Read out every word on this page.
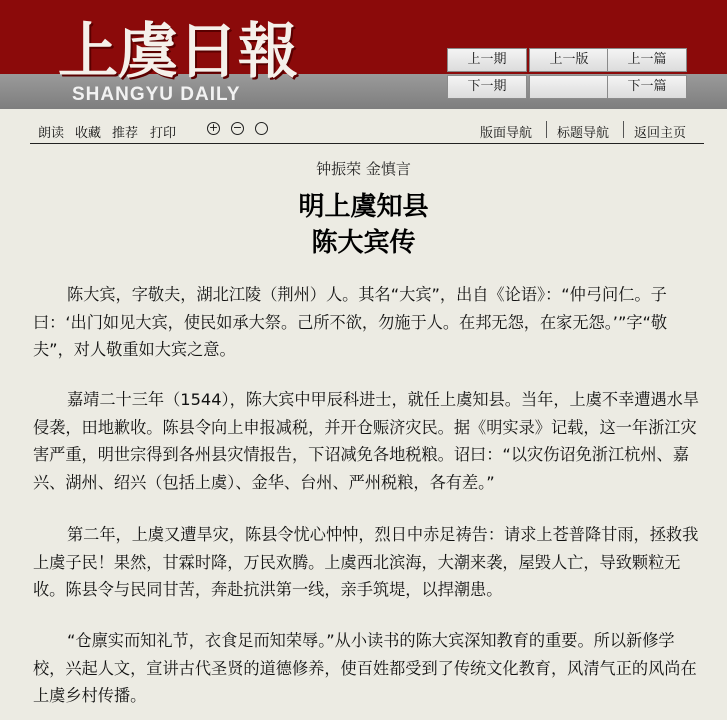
上虞日報
SHANGYU DAILY
上一期	上一版	上一篇
下一期	下一篇
朗读 收藏 推荐 打印	+ −	版面导航 标题导航 返回主页
钟振荣 金慎言
明上虞知县
陈大宾传

陈大宾，字敬夫，湖北江陵（荆州）人。其名“大宾”，出自《论语》：“仲弓问仁。子曰：‘出门如见大宾，使民如承大祭。己所不欲，勿施于人。在邦无怨，在家无怨。’”字“敬夫”，对人敬重如大宾之意。

嘉靖二十三年（1544），陈大宾中甲辰科进士，就任上虞知县。当年，上虞不幸遭遇水旱侵袭，田地歉收。陈县令向上申报减税，并开仓赈济灾民。据《明实录》记载，这一年浙江灾害严重，明世宗得到各州县灾情报告，下诏减免各地税粮。诏曰：“以灾伤诏免浙江杭州、嘉兴、湖州、绍兴（包括上虞）、金华、台州、严州税粮，各有差。”

第二年，上虞又遭旱灾，陈县令忧心忡忡，烈日中赤足祷告：请求上苍普降甘雨，拯救我上虞子民！果然，甘霖时降，万民欢腾。上虞西北滨海，大潮来袭，屋毁人亡，导致颗粒无收。陈县令与民同甘苦，奔赴抗洪第一线，亲手筑堤，以捍潮患。

“仓廪实而知礼节，衣食足而知荣辱。”从小读书的陈大宾深知教育的重要。所以新修学校，兴起人文，宣讲古代圣贤的道德修养，使百姓都受到了传统文化教育，风清气正的风尚在上虞乡村传播。
